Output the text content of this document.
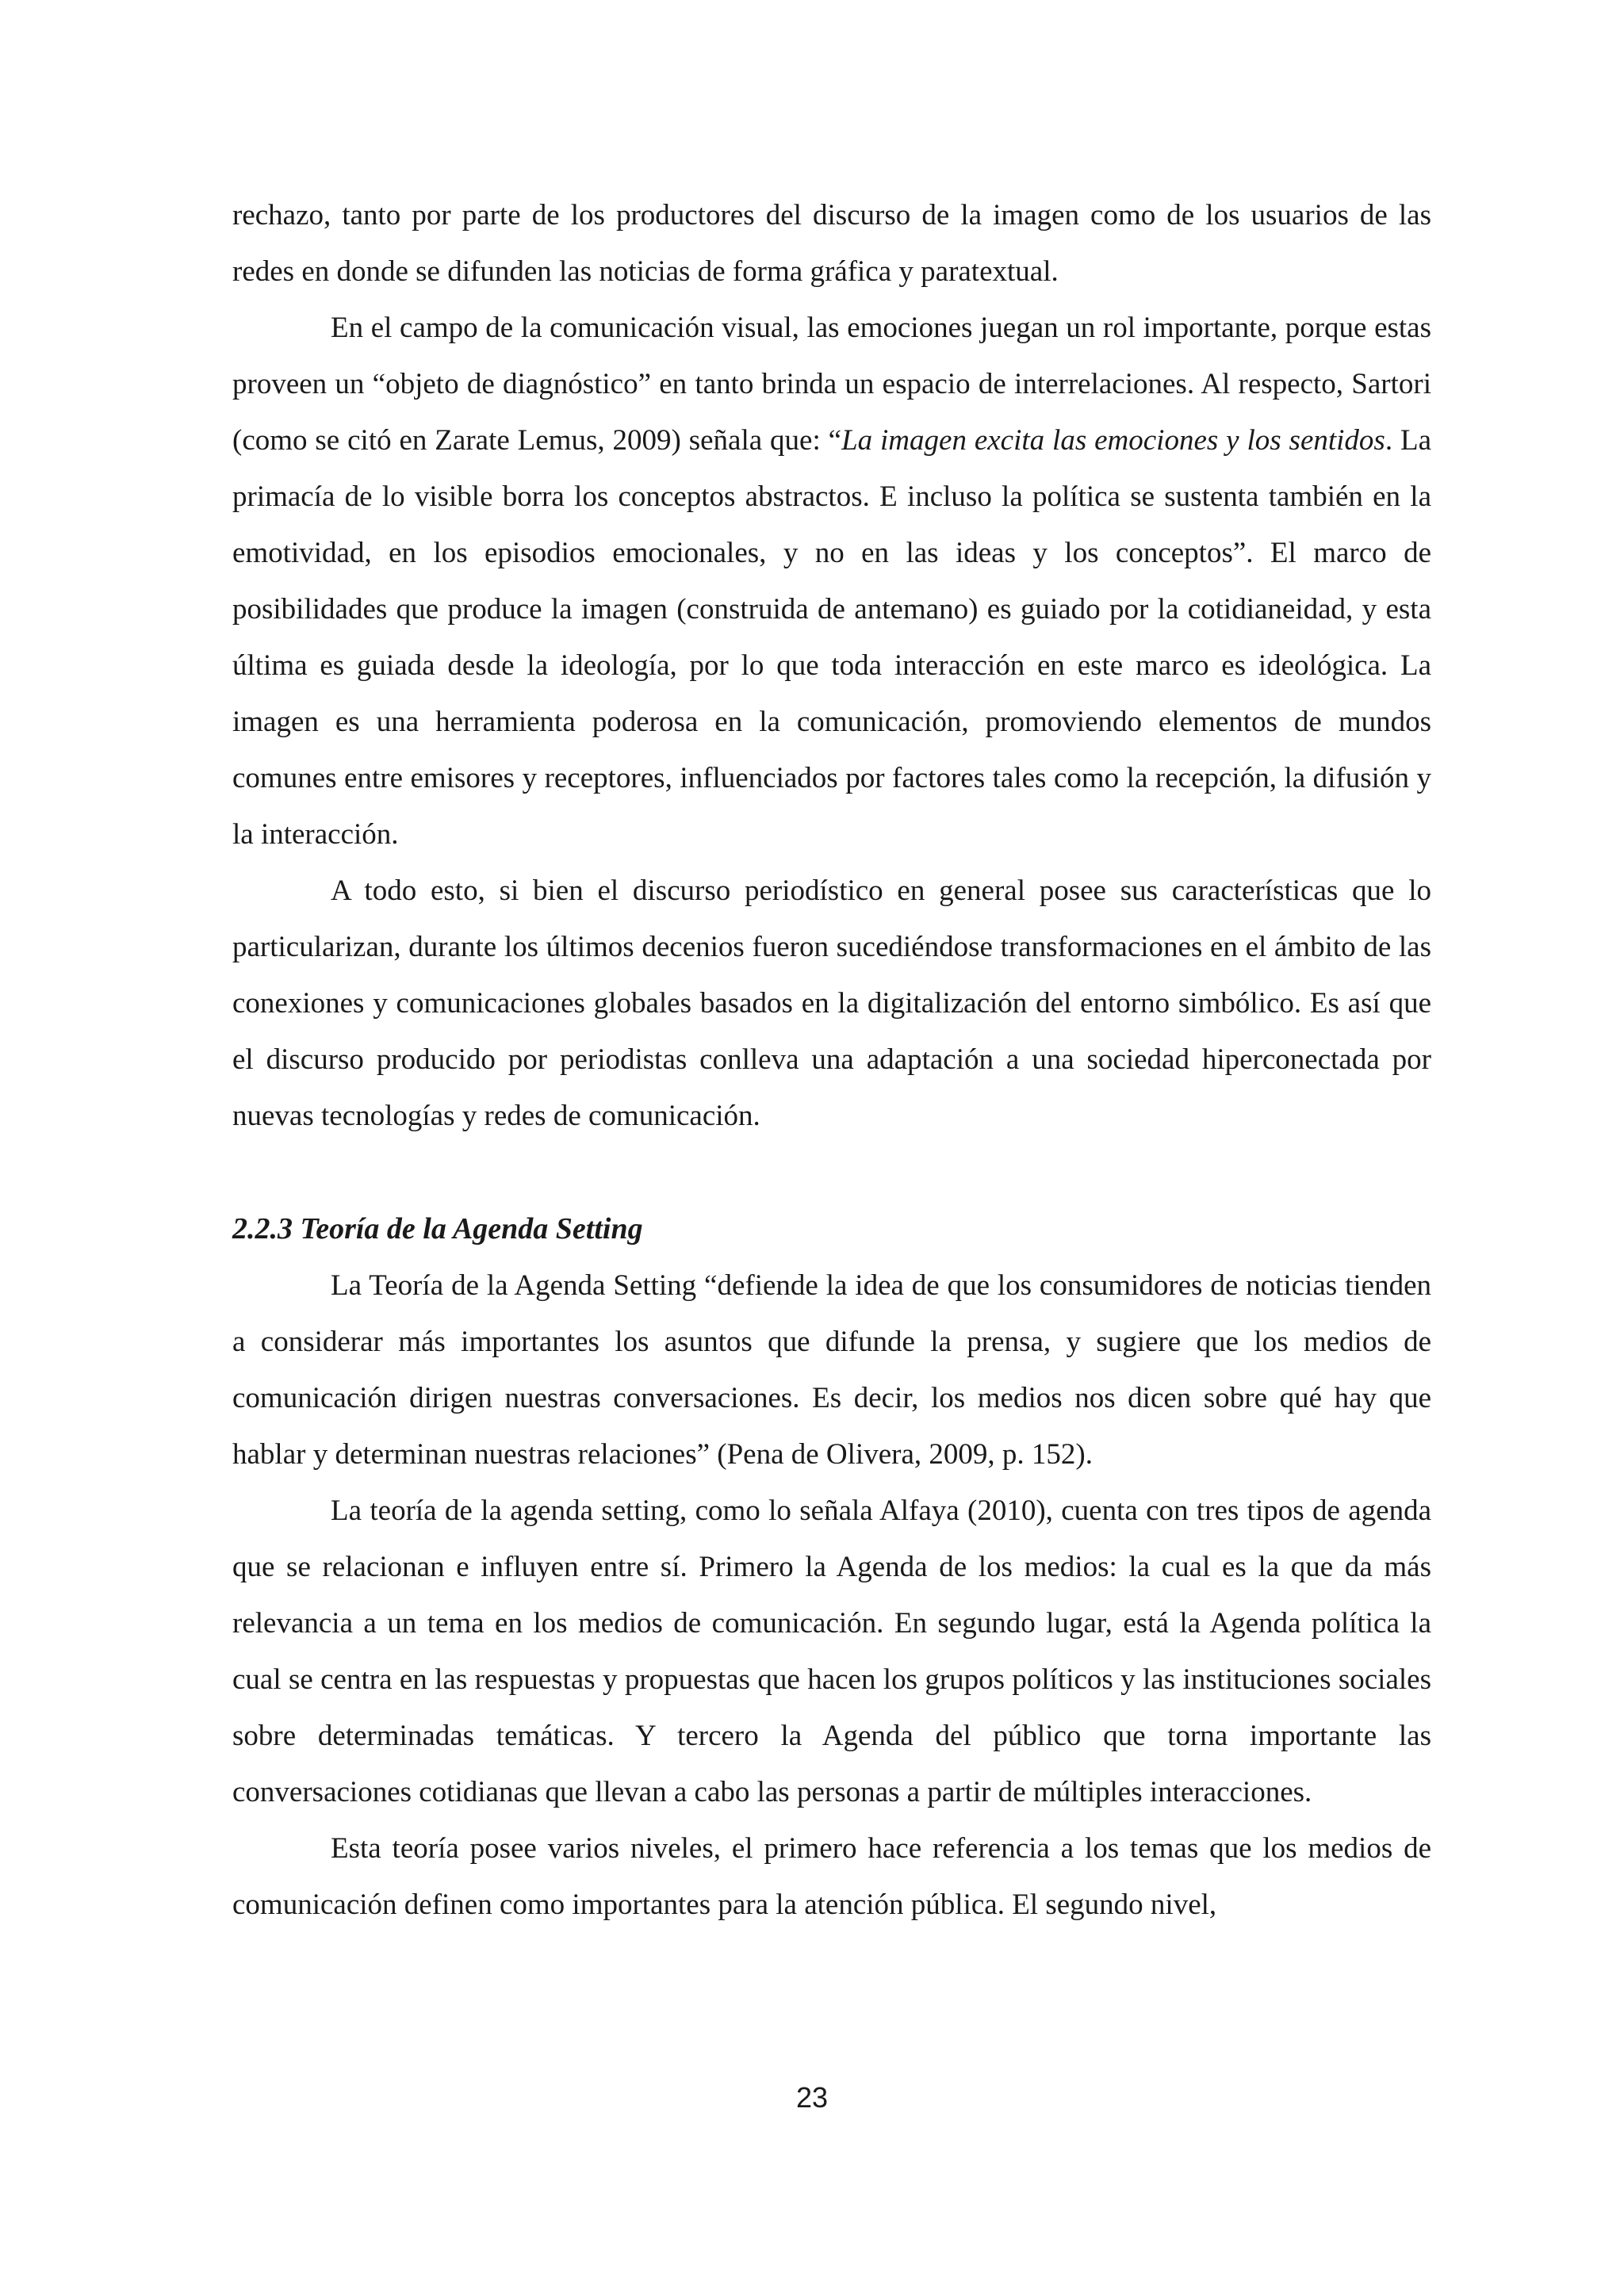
rechazo, tanto por parte de los productores del discurso de la imagen como de los usuarios de las redes en donde se difunden las noticias de forma gráfica y paratextual.

En el campo de la comunicación visual, las emociones juegan un rol importante, porque estas proveen un “objeto de diagnóstico” en tanto brinda un espacio de interrelaciones. Al respecto, Sartori (como se citó en Zarate Lemus, 2009) señala que: “La imagen excita las emociones y los sentidos. La primacía de lo visible borra los conceptos abstractos. E incluso la política se sustenta también en la emotividad, en los episodios emocionales, y no en las ideas y los conceptos”. El marco de posibilidades que produce la imagen (construida de antemano) es guiado por la cotidianeidad, y esta última es guiada desde la ideología, por lo que toda interacción en este marco es ideológica. La imagen es una herramienta poderosa en la comunicación, promoviendo elementos de mundos comunes entre emisores y receptores, influenciados por factores tales como la recepción, la difusión y la interacción.

A todo esto, si bien el discurso periodístico en general posee sus características que lo particularizan, durante los últimos decenios fueron sucediéndose transformaciones en el ámbito de las conexiones y comunicaciones globales basados en la digitalización del entorno simbólico. Es así que el discurso producido por periodistas conlleva una adaptación a una sociedad hiperconectada por nuevas tecnologías y redes de comunicación.

2.2.3 Teoría de la Agenda Setting

La Teoría de la Agenda Setting “defiende la idea de que los consumidores de noticias tienden a considerar más importantes los asuntos que difunde la prensa, y sugiere que los medios de comunicación dirigen nuestras conversaciones. Es decir, los medios nos dicen sobre qué hay que hablar y determinan nuestras relaciones” (Pena de Olivera, 2009, p. 152).

La teoría de la agenda setting, como lo señala Alfaya (2010), cuenta con tres tipos de agenda que se relacionan e influyen entre sí. Primero la Agenda de los medios: la cual es la que da más relevancia a un tema en los medios de comunicación. En segundo lugar, está la Agenda política la cual se centra en las respuestas y propuestas que hacen los grupos políticos y las instituciones sociales sobre determinadas temáticas. Y tercero la Agenda del público que torna importante las conversaciones cotidianas que llevan a cabo las personas a partir de múltiples interacciones.

Esta teoría posee varios niveles, el primero hace referencia a los temas que los medios de comunicación definen como importantes para la atención pública. El segundo nivel,

23
